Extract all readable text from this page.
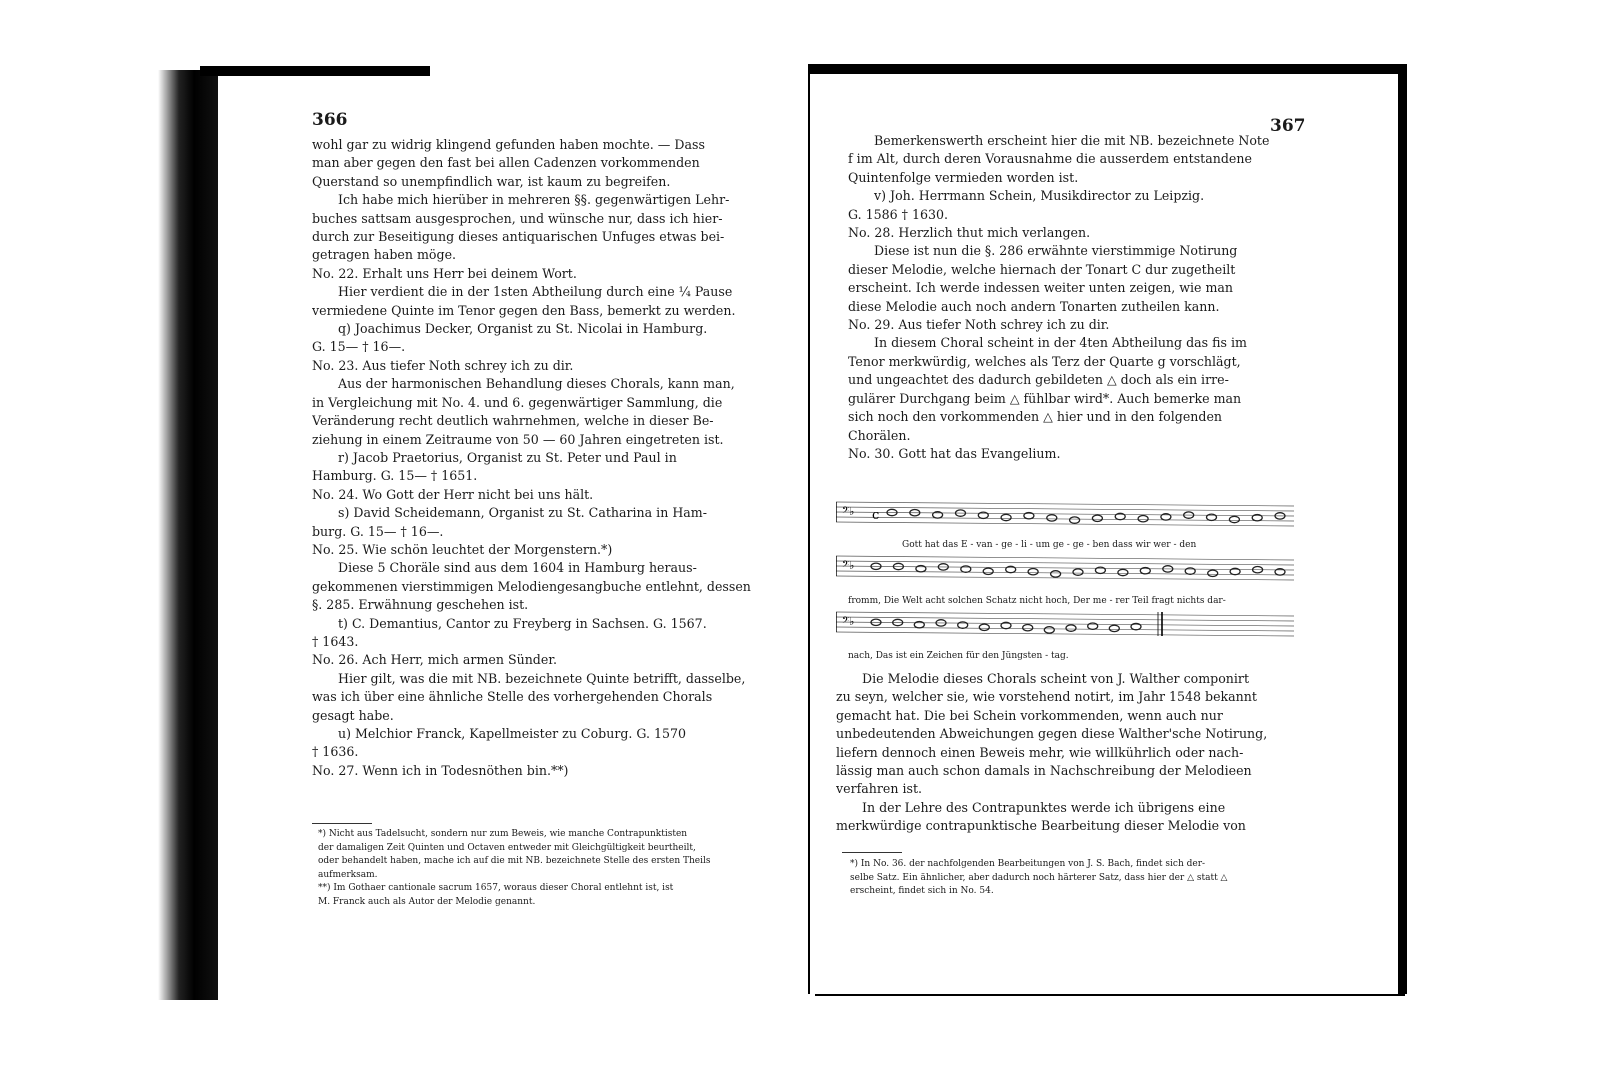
366
wohl gar zu widrig klingend gefunden haben mochte. — Dass
man aber gegen den fast bei allen Cadenzen vorkommenden
Querstand so unempfindlich war, ist kaum zu begreifen.
Ich habe mich hierüber in mehreren §§. gegenwärtigen Lehr-
buches sattsam ausgesprochen, und wünsche nur, dass ich hier-
durch zur Beseitigung dieses antiquarischen Unfuges etwas bei-
getragen haben möge.
No. 22. Erhalt uns Herr bei deinem Wort.
Hier verdient die in der 1sten Abtheilung durch eine ¼ Pause
vermiedene Quinte im Tenor gegen den Bass, bemerkt zu werden.
q) Joachimus Decker, Organist zu St. Nicolai in Hamburg.
G. 15— † 16—.
No. 23. Aus tiefer Noth schrey ich zu dir.
Aus der harmonischen Behandlung dieses Chorals, kann man,
in Vergleichung mit No. 4. und 6. gegenwärtiger Sammlung, die
Veränderung recht deutlich wahrnehmen, welche in dieser Be-
ziehung in einem Zeitraume von 50 — 60 Jahren eingetreten ist.
r) Jacob Praetorius, Organist zu St. Peter und Paul in
Hamburg. G. 15— † 1651.
No. 24. Wo Gott der Herr nicht bei uns hält.
s) David Scheidemann, Organist zu St. Catharina in Ham-
burg. G. 15— † 16—.
No. 25. Wie schön leuchtet der Morgenstern.*)
Diese 5 Choräle sind aus dem 1604 in Hamburg heraus-
gekommenen vierstimmigen Melodiengesangbuche entlehnt, dessen
§. 285. Erwähnung geschehen ist.
t) C. Demantius, Cantor zu Freyberg in Sachsen. G. 1567.
† 1643.
No. 26. Ach Herr, mich armen Sünder.
Hier gilt, was die mit NB. bezeichnete Quinte betrifft, dasselbe,
was ich über eine ähnliche Stelle des vorhergehenden Chorals
gesagt habe.
u) Melchior Franck, Kapellmeister zu Coburg. G. 1570
† 1636.
No. 27. Wenn ich in Todesnöthen bin.**)
*) Nicht aus Tadelsucht, sondern nur zum Beweis, wie manche Contrapunktisten
der damaligen Zeit Quinten und Octaven entweder mit Gleichgültigkeit beurtheilt,
oder behandelt haben, mache ich auf die mit NB. bezeichnete Stelle des ersten Theils
aufmerksam.
**) Im Gothaer cantionale sacrum 1657, woraus dieser Choral entlehnt ist, ist
M. Franck auch als Autor der Melodie genannt.
367
Bemerkenswerth erscheint hier die mit NB. bezeichnete Note
f im Alt, durch deren Vorausnahme die ausserdem entstandene
Quintenfolge vermieden worden ist.
v) Joh. Herrmann Schein, Musikdirector zu Leipzig.
G. 1586 † 1630.
No. 28. Herzlich thut mich verlangen.
Diese ist nun die §. 286 erwähnte vierstimmige Notirung
dieser Melodie, welche hiernach der Tonart C dur zugetheilt
erscheint. Ich werde indessen weiter unten zeigen, wie man
diese Melodie auch noch andern Tonarten zutheilen kann.
No. 29. Aus tiefer Noth schrey ich zu dir.
In diesem Choral scheint in der 4ten Abtheilung das fis im
Tenor merkwürdig, welches als Terz der Quarte g vorschlägt,
und ungeachtet des dadurch gebildeten △ doch als ein irre-
gulärer Durchgang beim △ fühlbar wird*. Auch bemerke man
sich noch den vorkommenden △ hier und in den folgenden
Chorälen.
No. 30. Gott hat das Evangelium.
𝄢♭ c
𝄢♭
𝄢♭
Gott hat das E - van - ge - li - um ge - ge - ben dass wir wer - den
fromm, Die Welt acht solchen Schatz nicht hoch, Der me - rer Teil fragt nichts dar-
nach, Das ist ein Zeichen für den Jüngsten - tag.
Die Melodie dieses Chorals scheint von J. Walther componirt
zu seyn, welcher sie, wie vorstehend notirt, im Jahr 1548 bekannt
gemacht hat. Die bei Schein vorkommenden, wenn auch nur
unbedeutenden Abweichungen gegen diese Walther'sche Notirung,
liefern dennoch einen Beweis mehr, wie willkührlich oder nach-
lässig man auch schon damals in Nachschreibung der Melodieen
verfahren ist.
In der Lehre des Contrapunktes werde ich übrigens eine
merkwürdige contrapunktische Bearbeitung dieser Melodie von
*) In No. 36. der nachfolgenden Bearbeitungen von J. S. Bach, findet sich der-
selbe Satz. Ein ähnlicher, aber dadurch noch härterer Satz, dass hier der △ statt △
erscheint, findet sich in No. 54.
